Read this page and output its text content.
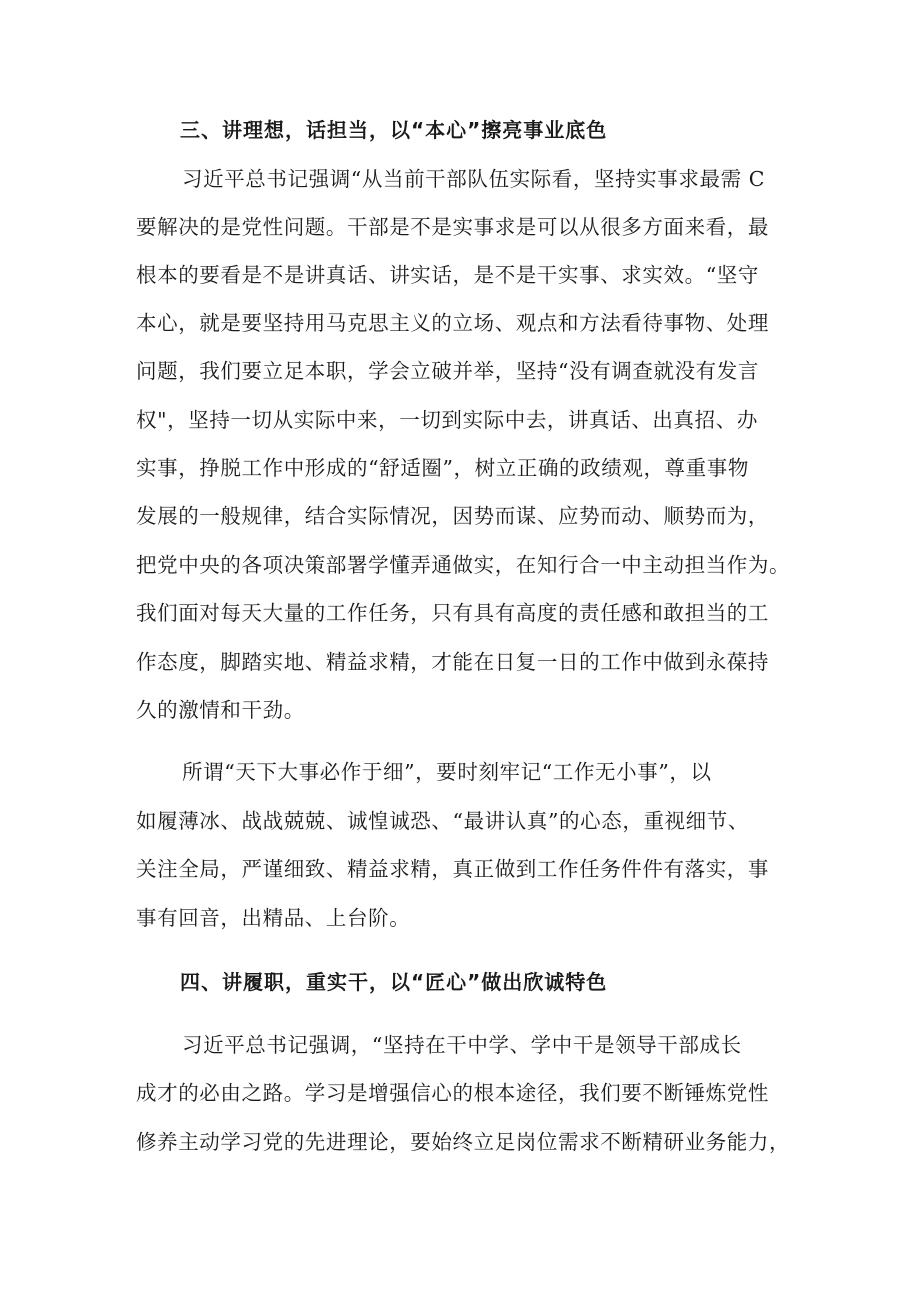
三、讲理想，话担当，以“本心”擦亮事业底色
习近平总书记强调“从当前干部队伍实际看，坚持实事求最需 C
要解决的是党性问题。干部是不是实事求是可以从很多方面来看，最
根本的要看是不是讲真话、讲实话，是不是干实事、求实效。“坚守
本心，就是要坚持用马克思主义的立场、观点和方法看待事物、处理
问题，我们要立足本职，学会立破并举，坚持“没有调查就没有发言
权"，坚持一切从实际中来，一切到实际中去，讲真话、出真招、办
实事，挣脱工作中形成的“舒适圈”，树立正确的政绩观，尊重事物
发展的一般规律，结合实际情况，因势而谋、应势而动、顺势而为，
把党中央的各项决策部署学懂弄通做实，在知行合一中主动担当作为。
我们面对每天大量的工作任务，只有具有高度的责任感和敢担当的工
作态度，脚踏实地、精益求精，才能在日复一日的工作中做到永葆持
久的激情和干劲。
所谓“天下大事必作于细”，要时刻牢记“工作无小事”，以
如履薄冰、战战兢兢、诚惶诚恐、“最讲认真”的心态，重视细节、
关注全局，严谨细致、精益求精，真正做到工作任务件件有落实，事
事有回音，出精品、上台阶。
四、讲履职，重实干，以“匠心”做出欣诚特色
习近平总书记强调，“坚持在干中学、学中干是领导干部成长
成才的必由之路。学习是增强信心的根本途径，我们要不断锤炼党性
修养主动学习党的先进理论，要始终立足岗位需求不断精研业务能力，
